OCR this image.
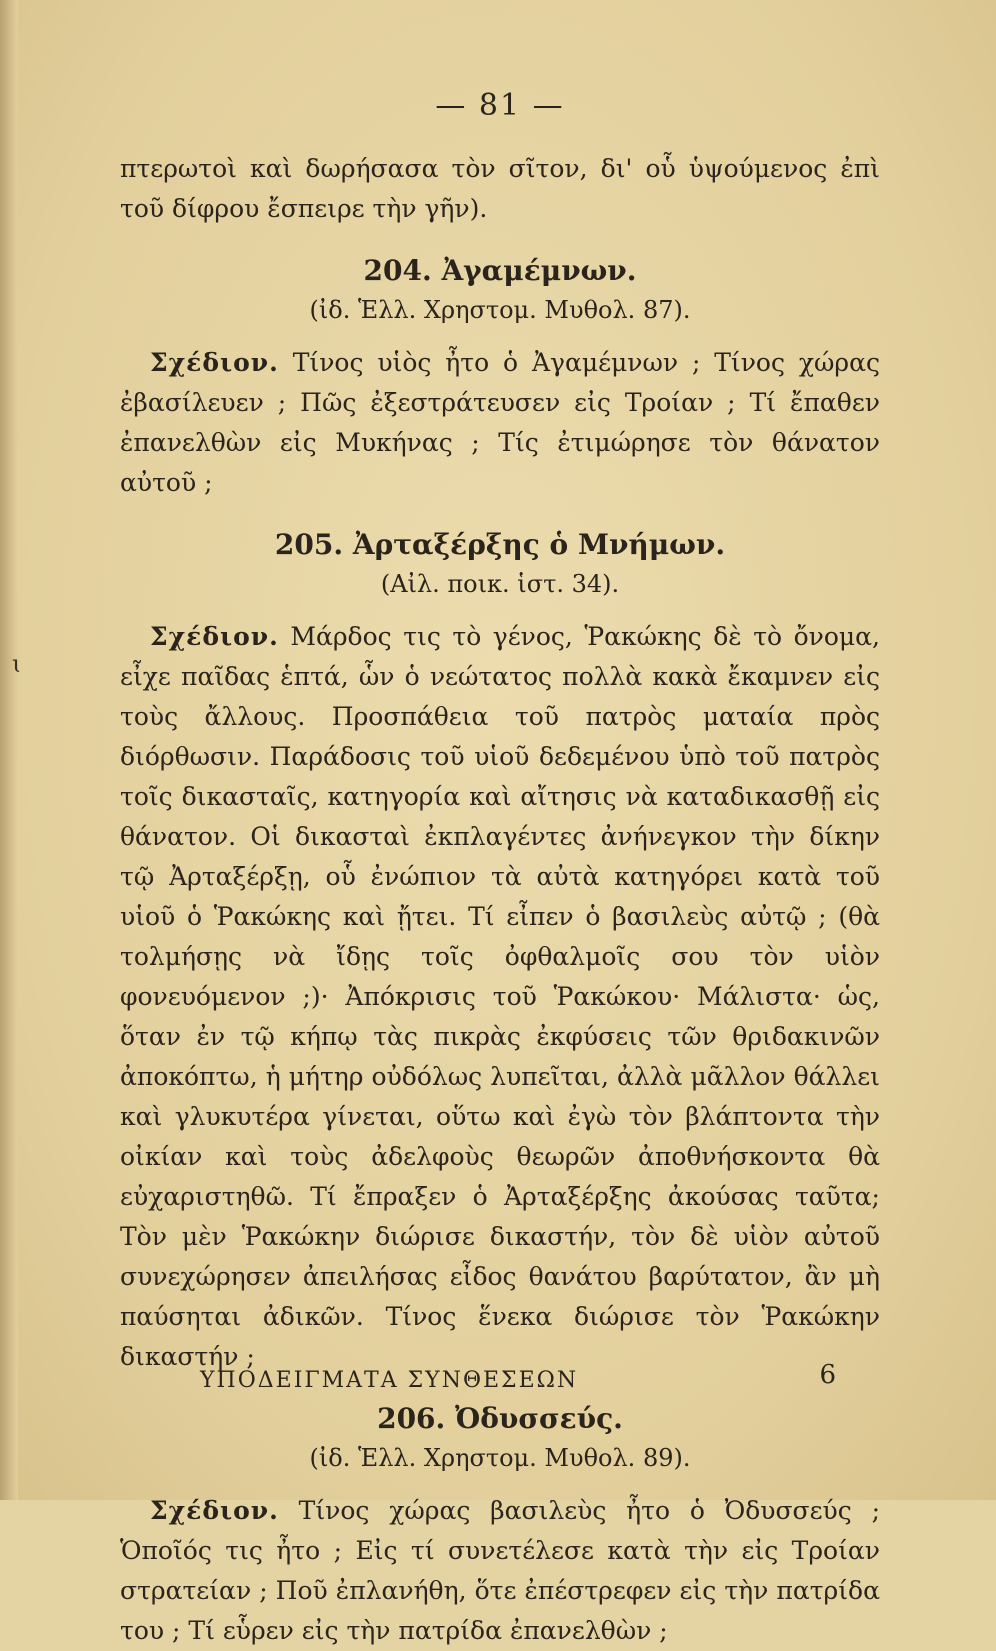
ɩ
— 81 —

πτερωτοὶ καὶ δωρήσασα τὸν σῖτον, δι' οὗ ὑψούμενος ἐπὶ τοῦ δίφρου ἔσπειρε τὴν γῆν).

204. Ἀγαμέμνων.
(ἰδ. Ἑλλ. Χρηστομ. Μυθολ. 87).

Σχέδιον. Τίνος υἱὸς ἦτο ὁ Ἀγαμέμνων ; Τίνος χώρας ἐβασίλευεν ; Πῶς ἐξεστράτευσεν εἰς Τροίαν ; Τί ἔπαθεν ἐπανελθὼν εἰς Μυκήνας ; Τίς ἐτιμώρησε τὸν θάνατον αὐτοῦ ;

205. Ἀρταξέρξης ὁ Μνήμων.
(Αἰλ. ποικ. ἱστ. 34).

Σχέδιον. Μάρδος τις τὸ γένος, Ῥακώκης δὲ τὸ ὄνομα, εἶχε παῖδας ἑπτά, ὧν ὁ νεώτατος πολλὰ κακὰ ἔκαμνεν εἰς τοὺς ἄλλους. Προσπάθεια τοῦ πατρὸς ματαία πρὸς διόρθωσιν. Παράδοσις τοῦ υἱοῦ δεδεμένου ὑπὸ τοῦ πατρὸς τοῖς δικασταῖς, κατηγορία καὶ αἴτησις νὰ καταδικασθῇ εἰς θάνατον. Οἱ δικασταὶ ἐκπλαγέντες ἀνήνεγκον τὴν δίκην τῷ Ἀρταξέρξῃ, οὗ ἐνώπιον τὰ αὐτὰ κατηγόρει κατὰ τοῦ υἱοῦ ὁ Ῥακώκης καὶ ᾔτει. Τί εἶπεν ὁ βασιλεὺς αὐτῷ ; (θὰ τολμήσῃς νὰ ἴδῃς τοῖς ὀφθαλμοῖς σου τὸν υἱὸν φονευόμενον ;)· Ἀπόκρισις τοῦ Ῥακώκου· Μάλιστα· ὡς, ὅταν ἐν τῷ κήπῳ τὰς πικρὰς ἐκφύσεις τῶν θριδακινῶν ἀποκόπτω, ἡ μήτηρ οὐδόλως λυπεῖται, ἀλλὰ μᾶλλον θάλλει καὶ γλυκυτέρα γίνεται, οὕτω καὶ ἐγὼ τὸν βλάπτοντα τὴν οἰκίαν καὶ τοὺς ἀδελφοὺς θεωρῶν ἀποθνήσκοντα θὰ εὐχαριστηθῶ. Τί ἔπραξεν ὁ Ἀρταξέρξης ἀκούσας ταῦτα; Τὸν μὲν Ῥακώκην διώρισε δικαστήν, τὸν δὲ υἱὸν αὐτοῦ συνεχώρησεν ἀπειλήσας εἶδος θανάτου βαρύτατον, ἂν μὴ παύσηται ἀδικῶν. Τίνος ἕνεκα διώρισε τὸν Ῥακώκην δικαστήν ;

206. Ὀδυσσεύς.
(ἰδ. Ἑλλ. Χρηστομ. Μυθολ. 89).

Σχέδιον. Τίνος χώρας βασιλεὺς ἦτο ὁ Ὀδυσσεύς ; Ὁποῖός τις ἦτο ; Εἰς τί συνετέλεσε κατὰ τὴν εἰς Τροίαν στρατείαν ; Ποῦ ἐπλανήθη, ὅτε ἐπέστρεφεν εἰς τὴν πατρίδα του ; Τί εὗρεν εἰς τὴν πατρίδα ἐπανελθὼν ;

ΥΠΟΔΕΙΓΜΑΤΑ ΣΥΝΘΕΣΕΩΝ	6
